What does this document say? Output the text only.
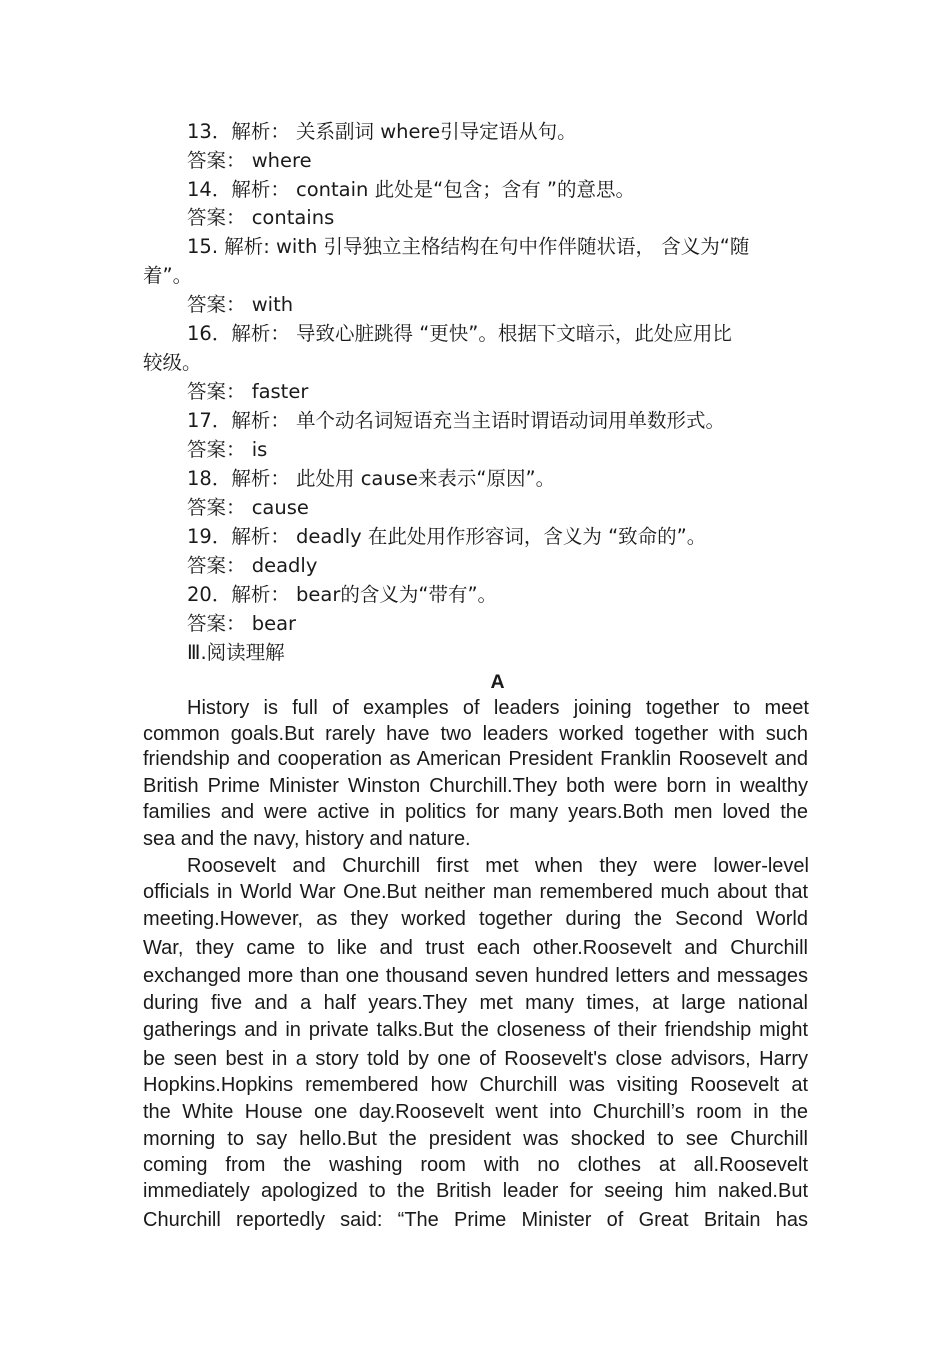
13．解析： 关系副词 where引导定语从句。
答案： where
14．解析： contain 此处是“包含；含有 ”的意思。
答案： contains
15. 解析: with 引导独立主格结构在句中作伴随状语， 含义为“随
着”。
答案： with
16．解析： 导致心脏跳得 “更快”。根据下文暗示，此处应用比
较级。
答案： faster
17．解析： 单个动名词短语充当主语时谓语动词用单数形式。
答案： is
18．解析： 此处用 cause来表示“原因”。
答案： cause
19．解析： deadly 在此处用作形容词，含义为 “致命的”。
答案： deadly
20．解析： bear的含义为“带有”。
答案： bear
Ⅲ.阅读理解
A
History is full of examples of leaders joining together to meet
common goals.But rarely have two leaders worked together with such
friendship and cooperation as American President Franklin Roosevelt and
British Prime Minister Winston Churchill.They both were born in wealthy
families and were active in politics for many years.Both men loved the
sea and the navy, history and nature.
Roosevelt and Churchill first met when they were lower-level
officials in World War One.But neither man remembered much about that
meeting.However, as they worked together during the Second World
War, they came to like and trust each other.Roosevelt and Churchill
exchanged more than one thousand seven hundred letters and messages
during five and a half years.They met many times, at large national
gatherings and in private talks.But the closeness of their friendship might
be seen best in a story told by one of Roosevelt's close advisors, Harry
Hopkins.Hopkins remembered how Churchill was visiting Roosevelt at
the White House one day.Roosevelt went into Churchill’s room in the
morning to say hello.But the president was shocked to see Churchill
coming from the washing room with no clothes at all.Roosevelt
immediately apologized to the British leader for seeing him naked.But
Churchill reportedly said: “The Prime Minister of Great Britain has
